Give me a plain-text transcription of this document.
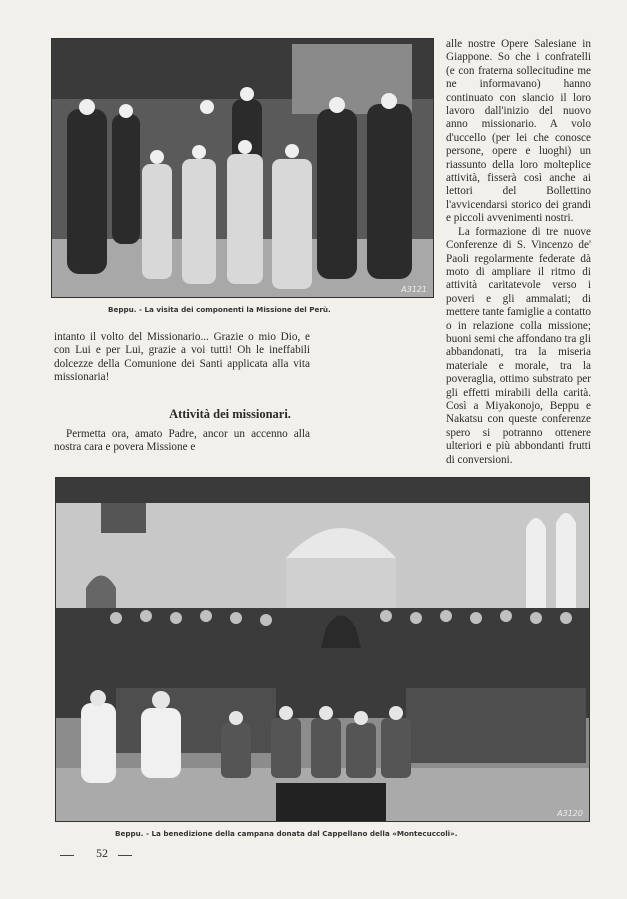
A3121
Beppu. - La visita dei componenti la Missione del Perù.

alle nostre Opere Salesiane in Giappone. So che i confratelli (e con fraterna sollecitudine me ne informavano) hanno continuato con slancio il loro lavoro dall'inizio del nuovo anno missionario. A volo d'uccello (per lei che conosce persone, opere e luoghi) un riassunto della loro molteplice attività, fisserà così anche ai lettori del Bollettino l'avvicendarsi storico dei grandi e piccoli avvenimenti nostri.

La formazione di tre nuove Conferenze di S. Vincenzo de' Paoli regolarmente federate dà moto di ampliare il ritmo di attività caritatevole verso i poveri e gli ammalati; di mettere tante famiglie a contatto o in relazione colla missione; buoni semi che affondano tra gli abbandonati, tra la miseria materiale e morale, tra la poveraglia, ottimo substrato per gli effetti mirabili della carità. Così a Miyakonojo, Beppu e Nakatsu con queste conferenze spero si potranno ottenere ulteriori e più abbondanti frutti di conversioni.

intanto il volto del Missionario... Grazie o mio Dio, e con Lui e per Lui, grazie a voi tutti! Oh le ineffabili dolcezze della Comunione dei Santi applicata alla vita missionaria!

Attività dei missionari.

Permetta ora, amato Padre, ancor un accenno alla nostra cara e povera Missione e

A3120
Beppu. - La benedizione della campana donata dal Cappellano della «Montecuccoli».
52
